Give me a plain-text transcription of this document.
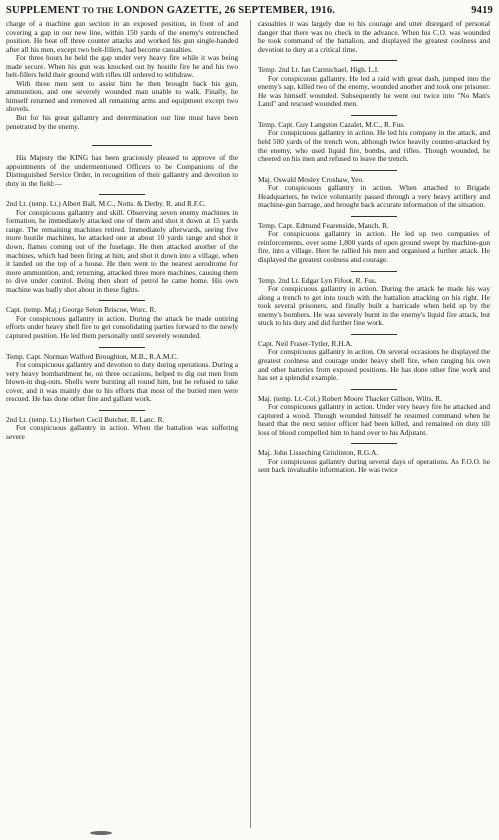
SUPPLEMENT TO THE LONDON GAZETTE, 26 SEPTEMBER, 1916.	9419

charge of a machine gun section in an exposed position, in front of and covering a gap in our new line, within 150 yards of the enemy's entrenched position. He beat off three counter attacks and worked his gun single-handed after all his men, except two belt-fillers, had become casualties.

For three hours he held the gap under very heavy fire while it was being made secure. When his gun was knocked out by hostile fire he and his two belt-fillers held their ground with rifles till ordered to withdraw.

With three men sent to assist him he then brought back his gun, ammunition, and one severely wounded man unable to walk. Finally, he himself returned and removed all remaining arms and equipment except two shovels.

But for his great gallantry and determination our line must have been penetrated by the enemy.

His Majesty the KING has been graciously pleased to approve of the appointments of the undermentioned Officers to be Companions of the Distinguished Service Order, in recognition of their gallantry and devotion to duty in the field:—

2nd Lt. (temp. Lt.) Albert Ball, M.C., Notts. & Derby. R. and R.F.C.

For conspicuous gallantry and skill. Observing seven enemy machines in formation, he immediately attacked one of them and shot it down at 15 yards range. The remaining machines retired. Immediately afterwards, seeing five more hostile machines, he attacked one at about 10 yards range and shot it down, flames coming out of the fuselage. He then attacked another of the machines, which had been firing at him, and shot it down into a village, when it landed on the top of a house. He then went to the nearest aerodrome for more ammunition, and, returning, attacked three more machines, causing them to dive under control. Being then short of petrol he came home. His own machine was badly shot about in these fights.

Capt. (temp. Maj.) George Seton Briscoe, Worc. R.

For conspicuous gallantry in action. During the attack he made untiring efforts under heavy shell fire to get consolidating parties forward to the newly captured position. He led them personally until severely wounded.

Temp. Capt. Norman Walford Broughton, M.B., R.A.M.C.

For conspicuous gallantry and devotion to duty during operations. During a very heavy bombardment he, on three occasions, helped to dig out men from blown-in dug-outs. Shells were bursting all round him, but he refused to take cover, and it was mainly due to his efforts that most of the buried men were rescued. He has done other fine and gallant work.

2nd Lt. (temp. Lt.) Herbert Cecil Butcher, R. Lanc. R.

For conspicuous gallantry in action. When the battalion was suffering severe

casualties it was largely due to his courage and utter disregard of personal danger that there was no check in the advance. When his C.O. was wounded he took command of the battalion, and displayed the greatest coolness and devotion to duty at a critical time.

Temp. 2nd Lt. Ian Carmichael, High. L.I.

For conspicuous gallantry. He led a raid with great dash, jumped into the enemy's sap, killed two of the enemy, wounded another and took one prisoner. He was himself wounded. Subsequently he went out twice into "No Man's Land" and rescued wounded men.

Temp. Capt. Guy Langston Cazalet, M.C., R. Fus.

For conspicuous gallantry in action. He led his company in the attack, and held 500 yards of the trench won, although twice heavily counter-attacked by the enemy, who used liquid fire, bombs, and rifles. Though wounded, he cheered on his men and refused to leave the trench.

Maj. Oswald Mosley Croshaw, Yeo.

For conspicuous gallantry in action. When attached to Brigade Headquarters, he twice voluntarily passed through a very heavy artillery and machine-gun barrage, and brought back accurate information of the situation.

Temp. Capt. Edmund Fearenside, Manch. R.

For conspicuous gallantry in action. He led up two companies of reinforcements, over some 1,800 yards of open ground swept by machine-gun fire, into a village. Here he rallied his men and organised a further attack. He displayed the greatest coolness and courage.

Temp. 2nd Lt. Edgar Lyn Fifoot, R. Fus.

For conspicuous gallantry in action. During the attack he made his way along a trench to get into touch with the battalion attacking on his right. He took several prisoners, and finally built a barricade when held up by the enemy's bombers. He was severely burnt in the enemy's liquid fire attack, but stuck to his duty and did further fine work.

Capt. Neil Fraser-Tytler, R.H.A.

For conspicuous gallantry in action. On several occasions he displayed the greatest coolness and courage under heavy shell fire, when ranging his own and other batteries from exposed positions. He has done other fine work and has set a splendid example.

Maj. (temp. Lt.-Col.) Robert Moore Thacker Gillson, Wilts. R.

For conspicuous gallantry in action. Under very heavy fire he attacked and captured a wood. Though wounded himself he resumed command when he heard that the next senior officer had been killed, and remained on duty till loss of blood compelled him to hand over to his Adjutant.

Maj. John Lisseching Grinlinton, R.G.A.

For conspicuous gallantry during several days of operations. As F.O.O. he sent back invaluable information. He was twice
